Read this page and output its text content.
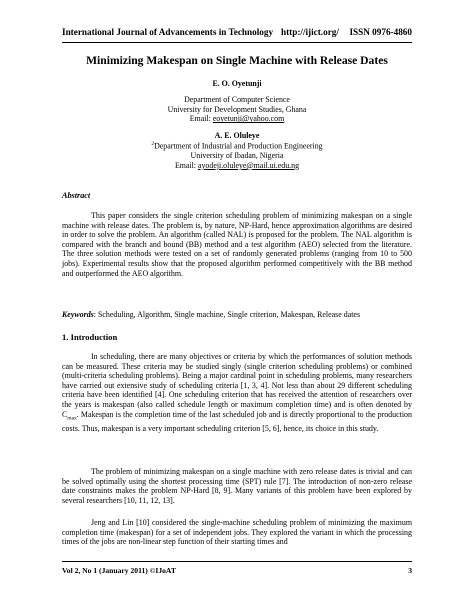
International Journal of Advancements in Technology http://ijict.org/ ISSN 0976-4860
Minimizing Makespan on Single Machine with Release Dates
E. O. Oyetunji
Department of Computer Science
University for Development Studies, Ghana
Email: eoyetunji@yahoo.com
A. E. Oluleye
$^2$Department of Industrial and Production Engineering
University of Ibadan, Nigeria
Email: ayodeji.oluleye@mail.ui.edu.ng
Abstract
This paper considers the single criterion scheduling problem of minimizing makespan on a single machine with release dates. The problem is, by nature, NP-Hard, hence approximation algorithms are desired in order to solve the problem. An algorithm (called NAL) is proposed for the problem. The NAL algorithm is compared with the branch and bound (BB) method and a test algorithm (AEO) selected from the literature. The three solution methods were tested on a set of randomly generated problems (ranging from 10 to 500 jobs). Experimental results show that the proposed algorithm performed competitively with the BB method and outperformed the AEO algorithm.
Keywords: Scheduling, Algorithm, Single machine, Single criterion, Makespan, Release dates
1. Introduction
In scheduling, there are many objectives or criteria by which the performances of solution methods can be measured. These criteria may be studied singly (single criterion scheduling problems) or combined (multi-criteria scheduling problems). Being a major cardinal point in scheduling problems, many researchers have carried out extensive study of scheduling criteria [1, 3, 4]. Not less than about 29 different scheduling criteria have been identified [4]. One scheduling criterion that has received the attention of researchers over the years is makespan (also called schedule length or maximum completion time) and is often denoted by $C_{max}$. Makespan is the completion time of the last scheduled job and is directly proportional to the production costs. Thus, makespan is a very important scheduling criterion [5, 6], hence, its choice in this study.
The problem of minimizing makespan on a single machine with zero release dates is trivial and can be solved optimally using the shortest processing time (SPT) rule [7]. The introduction of non-zero release date constraints makes the problem NP-Hard [8, 9]. Many variants of this problem have been explored by several researchers [10, 11, 12, 13].
Jeng and Lin [10] considered the single-machine scheduling problem of minimizing the maximum completion time (makespan) for a set of independent jobs. They explored the variant in which the processing times of the jobs are non-linear step function of their starting times and
Vol 2, No 1 (January 2011) ©IJoAT	3
